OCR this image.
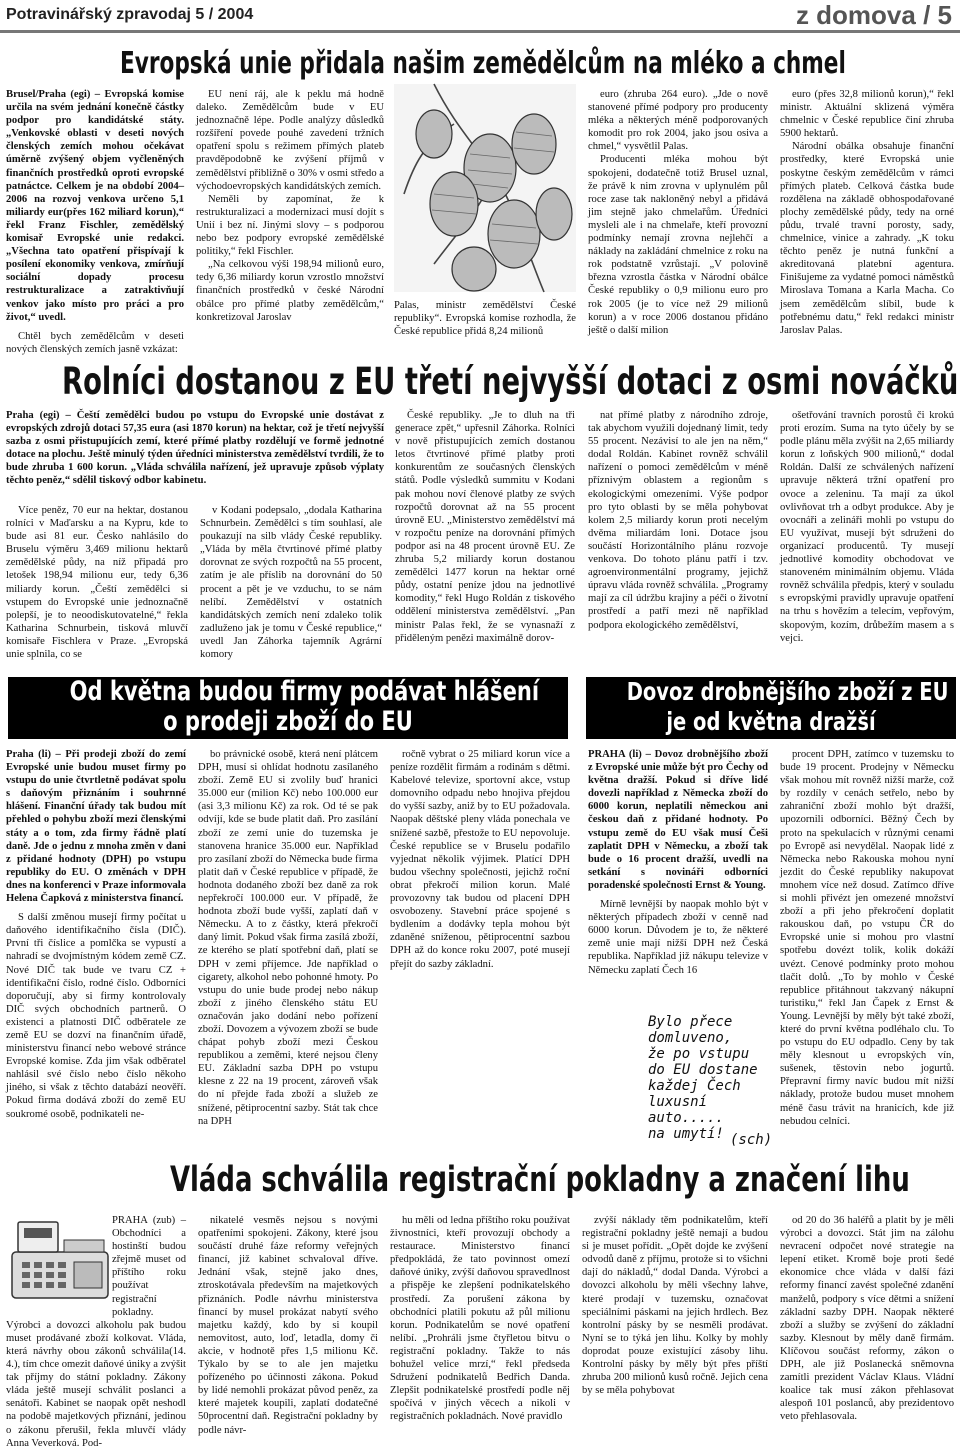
Potravinářský zpravodaj 5 / 2004	z domova / 5
Evropská unie přidala našim zemědělcům na mléko a chmel

Brusel/Praha (egi) – Evropská komise určila na svém jednání konečně částky podpor pro kandidátské státy. „Venkovské oblasti v deseti nových členských zemích mohou očekávat úměrně zvýšený objem vyčleněných finančních prostředků oproti evropské patnáctce. Celkem je na období 2004–2006 na rozvoj venkova určeno 5,1 miliardy eur(přes 162 miliard korun),“ řekl Franz Fischler, zemědělský komisař Evropské unie redakci. „Všechna tato opatření přispívají k posílení ekonomiky venkova, zmírňují sociální dopady procesu restrukturalizace a zatraktivňují venkov jako místo pro práci a pro život,“ uvedl.

Chtěl bych zemědělcům v deseti nových členských zemích jasně vzkázat:

EU není ráj, ale k peklu má hodně daleko. Zemědělcům bude v EU jednoznačně lépe. Podle analýzy důsledků rozšíření povede pouhé zavedení tržních opatření spolu s režimem přímých plateb pravděpodobně ke zvýšení příjmů v zemědělství přibližně o 30% v osmi středo a východoevropských kandidátských zemích.

Neměli by zapomínat, že k restrukturalizaci a modernizaci musí dojít s Unií i bez ní. Jinými slovy – s podporou nebo bez podpory evropské zemědělské politiky,“ řekl Fischler.

„Na celkovou výši 198,94 milionů euro, tedy 6,36 miliardy korun vzrostlo množství finančních prostředků v české Národní obálce pro přímé platby zemědělcům,“ konkretizoval Jaroslav

Palas, ministr zemědělství České republiky“. Evropská komise rozhodla, že České republice přidá 8,24 milionů

euro (zhruba 264 euro). „Jde o nově stanovené přímé podpory pro producenty mléka a některých méně podporovaných komodit pro rok 2004, jako jsou osiva a chmel,“ vysvětlil Palas.

Producenti mléka mohou být spokojeni, dodatečně totiž Brusel uznal, že právě k nim zrovna v uplynulém půl roce zase tak nakloněný nebyl a přidává jim stejně jako chmelařům. Úředníci mysleli ale i na chmelaře, kteří provozní podmínky nemají zrovna nejlehčí a náklady na zakládání chmelnice z roku na rok podstatně vzrůstají. „V polovině března vzrostla částka v Národní obálce České republiky o 0,9 milionu euro pro rok 2005 (je to více než 29 milionů korun) a v roce 2006 dostanou přidáno ještě o další milion

euro (přes 32,8 milionů korun),“ řekl ministr. Aktuální sklizená výměra chmelnic v České republice činí zhruba 5900 hektarů.

Národní obálka obsahuje finanční prostředky, které Evropská unie poskytne českým zemědělcům v rámci přímých plateb. Celková částka bude rozdělena na základě obhospodařované plochy zemědělské půdy, tedy na orné půdu, trvalé travní porosty, sady, chmelnice, vinice a zahrady. „K toku těchto peněz je nutná funkční a akreditovaná platební agentura. Finišujeme za vydatné pomoci náměstků Miroslava Tomana a Karla Macha. Co jsem zemědělcům slíbil, bude k potřebnému datu,“ řekl redakci ministr Jaroslav Palas.

Rolníci dostanou z EU třetí nejvyšší dotaci z osmi nováčků

Praha (egi) – Čeští zemědělci budou po vstupu do Evropské unie dostávat z evropských zdrojů dotaci 57,35 eura (asi 1870 korun) na hektar, což je třetí nejvyšší sazba z osmi přistupujících zemí, které přímé platby rozdělují ve formě jednotné dotace na plochu. Ještě minulý týden úředníci ministerstva zemědělství tvrdili, že to bude zhruba 1 600 korun. „Vláda schválila nařízení, jež upravuje způsob výplaty těchto peněz,“ sdělil tiskový odbor kabinetu.

Více peněz, 70 eur na hektar, dostanou rolníci v Maďarsku a na Kypru, kde to bude asi 81 eur. Česko nahlásilo do Bruselu výměru 3,469 milionu hektarů zemědělské půdy, na níž připadá pro letošek 198,94 milionu eur, tedy 6,36 miliardy korun. „Čeští zemědělci si vstupem do Evropské unie jednoznačně polepší, je to neoodiskutovatelné,“ řekla Katharina Schnurbein, tisková mluvčí komisaře Fischlera v Praze. „Evropská unie splnila, co se

v Kodani podepsalo, „dodala Katharina Schnurbein. Zemědělci s tím souhlasí, ale poukazují na silb vlády České republiky. „Vláda by měla čtvrtinové přímé platby dorovnat ze svých rozpočtů na 55 procent, zatím je ale příslib na dorovnání do 50 procent a pět je ve vzduchu, to se nám nelíbí. Zemědělství v ostatních kandidátských zemích není zdaleko tolik zadluženo jak je tomu v České republice,“ uvedl Jan Záhorka tajemník Agrární komory

České republiky. „Je to dluh na tři generace zpět,“ upřesnil Záhorka. Rolníci v nově přistupujících zemích dostanou letos čtvrtinové přímé platby proti konkurentům ze současných členských států. Podle výsledků summitu v Kodani pak mohou noví členové platby ze svých rozpočtů dorovnat až na 55 procent úrovně EU. „Ministerstvo zemědělství má v rozpočtu peníze na dorovnání přímých podpor asi na 48 procent úrovně EU. Ze zhruba 5,2 miliardy korun dostanou zemědělci 1477 korun na hektar orné půdy, ostatní peníze jdou na jednotlivé komodity,“ řekl Hugo Roldán z tiskového oddělení ministerstva zemědělství. „Pan ministr Palas řekl, že se vynasnaží z přiděleným penězi maximálně dorov-

nat přímé platby z národního zdroje, tak abychom využili dojednaný limit, tedy 55 procent. Nezávisí to ale jen na něm,“ dodal Roldán. Kabinet rovněž schválil nařízení o pomoci zemědělcům v méně příznivým oblastem a regionům s ekologickými omezeními. Výše podpor pro tyto oblasti by se měla pohybovat kolem 2,5 miliardy korun proti necelým dvěma miliardám loni. Dotace jsou součástí Horizontálního plánu rozvoje venkova. Do tohoto plánu patří i tzv. agroenvironmentální programy, jejichž úpravu vláda rovněž schválila. „Programy mají za cíl údržbu krajiny a péči o životní prostředí a patří mezi ně například podpora ekologického zemědělství,

ošetřování travních porostů či krokú proti erozím. Suma na tyto účely by se podle plánu měla zvýšit na 2,65 miliardy korun z loňských 900 milionů,“ dodal Roldán. Další ze schválených nařízení upravuje některá tržní opatření pro ovoce a zeleninu. Ta mají za úkol ovlivňovat trh a odbyt produkce. Aby je ovocnáři a zelináři mohli po vstupu do EU využívat, musejí být sdruženi do organizací producentů. Ty musejí jednotlivé komodity obchodovat ve stanoveném minimálním objemu. Vláda rovněž schválila předpis, který v souladu s evropskými pravidly upravuje opatření na trhu s hovězím a telecím, vepřovým, skopovým, kozím, drůbežím masem a s vejci.

Od května budou firmy podávat hlášení
o prodeji zboží do EU

Praha (li) – Při prodeji zboží do zemí Evropské unie budou muset firmy po vstupu do unie čtvrtletně podávat spolu s daňovým přiznáním i souhrnné hlášení. Finanční úřady tak budou mít přehled o pohybu zboží mezi členskými státy a o tom, zda firmy řádně platí daně. Jde o jednu z mnoha změn v dani z přidané hodnoty (DPH) po vstupu republiky do EU. O změnách v DPH dnes na konferenci v Praze informovala Helena Čapková z ministerstva financí.

S další změnou musejí firmy počítat u daňového identifikačního čísla (DIČ). První tři číslice a pomlčka se vypustí a nahradí se dvojmístným kódem země CZ. Nové DIČ tak bude ve tvaru CZ + identifikační číslo, rodné číslo. Odborníci doporučují, aby si firmy kontrolovaly DIČ svých obchodních partnerů. O existenci a platnosti DIČ odběratele ze země EU se dozví na finančním úřadě, ministerstvu financí nebo webové stránce Evropské komise. Zda jim však odběratel nahlásil své číslo nebo číslo někoho jiného, si však z těchto databází neověří. Pokud firma dodává zboží do země EU soukromé osobě, podnikateli ne-

bo právnické osobě, která není plátcem DPH, musí si ohlídat hodnotu zasílaného zboží. Země EU si zvolily buď hranici 35.000 eur (milion Kč) nebo 100.000 eur (asi 3,3 milionu Kč) za rok. Od té se pak odvíjí, kde se bude platit daň. Pro zasílání zboží ze zemí unie do tuzemska je stanovena hranice 35.000 eur. Například pro zasílaní zboží do Německa bude firma platit daň v České republice v případě, že hodnota dodaného zboží bez daně za rok nepřekročí 100.000 eur. V případě, že hodnota zboží bude vyšší, zaplatí daň v Německu. A to z částky, která překročí daný limit. Pokud však firma zasílá zboží, ze kterého se platí spotřební daň, platí se DPH v zemi příjemce. Jde například o cigarety, alkohol nebo pohonné hmoty. Po vstupu do unie bude prodej nebo nákup zboží z jiného členského státu EU označován jako dodání nebo pořízení zboží. Dovozem a vývozem zboží se bude chápat pohyb zboží mezi Českou republikou a zeměmi, které nejsou členy EU. Základní sazba DPH po vstupu klesne z 22 na 19 procent, zároveň však do ní přejde řada zboží a služeb ze snížené, pětiprocentní sazby. Stát tak chce na DPH

ročně vybrat o 25 miliard korun více a peníze rozdělit firmám a rodinám s dětmi. Kabelové televize, sportovní akce, vstup domovního odpadu nebo hnojiva přejdou do vyšší sazby, aniž by to EU požadovala. Naopak děštské pleny vláda ponechala ve snížené sazbě, přestože to EU nepovoluje. České republice se v Bruselu podařilo vyjednat několik výjimek. Platící DPH budou všechny společnosti, jejichž roční obrat překročí milion korun. Malé provozovny tak budou od placení DPH osvobozeny. Stavební práce spojené s bydlením a dodávky tepla mohou být zdaněné sníženou, pětiprocentní sazbou DPH až do konce roku 2007, poté musejí přejít do sazby základní.

Dovoz drobnějšího zboží z EU
je od května dražší

PRAHA (li) – Dovoz drobnějšího zboží z Evropské unie může být pro Čechy od května dražší. Pokud si dříve lidé dovezli například z Německa zboží do 6000 korun, neplatili německou ani českou daň z přidané hodnoty. Po vstupu země do EU však musí Češi zaplatit DPH v Německu, a zboží tak bude o 16 procent dražší, uvedli na setkání s novináři odborníci poradenské společnosti Ernst & Young.

Mírně levnější by naopak mohlo být v některých případech zboží v cenně nad 6000 korun. Důvodem je to, že některé země unie mají nižší DPH než Česká republika. Například již nákupu televize v Německu zaplatí Čech 16

procent DPH, zatímco v tuzemsku to bude 19 procent. Prodejny v Německu však mohou mít rovněž nižší marže, což by rozdíly v cenách setřelo, nebo by zahraniční zboží mohlo být dražší, upozornili odborníci. Běžný Čech by proto na spekulacích v různými cenami po Evropě asi nevydělal. Naopak lidé z Německa nebo Rakouska mohou nyní jezdit do České republiky nakupovat mnohem více než dosud. Zatímco dříve si mohli přivézt jen omezené množství zboží a při jeho překročení doplatit rakouskou daň, po vstupu ČR do Evropské unie si mohou pro vlastní spotřebu dovézt tolik, kolik dokáží uvézt. Cenové podmínky proto mohou tlačit dolů. „To by mohlo v České republice přitáhnout takzvaný nákupní turistiku,“ řekl Jan Čapek z Ernst & Young. Levnější by měly být také zboží, které do první května podléhalo clu. To po vstupu do EU odpadlo. Ceny by tak měly klesnout u evropských vín, sušenek, těstovin nebo jogurtů. Přepravní firmy navíc budou mít nižší náklady, protože budou muset mnohem méně času trávit na hranicích, kde již nebudou celníci.

Bylo přece
domluveno,
že po vstupu
do EU dostane
každej Čech
luxusní auto.....
na umytí! (sch)
Vláda schválila registrační pokladny a značení lihu

PRAHA (zub) – Obchodníci a hostinští budou zřejmě muset od příštího roku používat registrační pokladny. Výrobci a dovozci alkoholu pak budou muset prodávané zboží kolkovat. Vláda, která návrhy obou zákonů schválila(14. 4.), tím chce omezit daňové úniky a zvýšit tak příjmy do státní pokladny. Zákony vláda ještě musejí schválit poslanci a senátoři. Kabinet se naopak opět neshodl na podobě majetkových přiznání, jedinou o zákonu přerušil, řekla mluvčí vlády Anna Veverková. Pod-

nikatelé vesměs nejsou s novými opatřeními spokojeni. Zákony, které jsou součástí druhé fáze reformy veřejných financí, již kabinet schvaloval dříve. Jednání však, stejně jako dnes, ztroskotávala především na majetkových přiznáních. Podle návrhu ministerstva financí by musel prokázat nabytí svého majetku každý, kdo by si koupil nemovitost, auto, loď, letadla, domy či akcie, v hodnotě přes 1,5 milionu Kč. Týkalo by se to ale jen majetku pořízeného po účinnosti zákona. Pokud by lidé nemohli prokázat původ peněz, za které majetek koupili, zaplatí dodatečné 50procentní daň. Registrační pokladny by podle návr-

hu měli od ledna příštího roku používat živnostníci, kteří provozují obchody a restaurace. Ministerstvo financí předpokládá, že tato povinnost omezí daňové úniky, zvýší daňovou spravedlnost a přispěje ke zlepšení podnikatelského prostředí. Za porušení zákona by obchodníci platili pokutu až půl milionu korun. Podnikatelům se nové opatření nelíbí. „Prohráli jsme čtyřletou bitvu o registrační pokladny. Takže to nás bohužel velice mrzí,“ řekl předseda Sdružení podnikatelů Bedřich Danda. Zlepšit podnikatelské prostředí podle něj spočívá v jiných věcech a nikoli v registračních pokladnách. Nové pravidlo

zvýší náklady těm podnikatelům, kteří registrační pokladny ještě nemají a budou si je muset pořídit. „Opět dojde ke zvýšení odvodů daně z příjmu, protože si to všichni dají do nákladů,“ dodal Danda. Výrobci a dovozci alkoholu by měli všechny lahve, které prodají v tuzemsku, označovat speciálními páskami na jejich hrdlech. Bez kontrolní pásky by se nesměli prodávat. Nyní se to týká jen lihu. Kolky by mohly doprodat pouze existující zásoby lihu. Kontrolní pásky by měly být přes příští zhruba 200 milionů kusů ročně. Jejich cena by se měla pohybovat

od 20 do 36 haléřů a platit by je měli výrobci a dovozci. Stát jim na zálohu nevracení odpočet nové strategie na lepení etiket. Kromě boje proti šedé ekonomice chce vláda v další fázi reformy financí zavést společné zdanění manželů, podpory s více dětmi a snížení základní sazby DPH. Naopak některé zboží a služby se zvýšení do základní sazby. Klesnout by měly daně firmám. Klíčovou součást reformy, zákon o DPH, ale již Poslanecká sněmovna zamítli prezident Václav Klaus. Vládní koalice tak musí zákon přehlasovat alespoň 101 poslanců, aby prezidentovo veto přehlasovala.
